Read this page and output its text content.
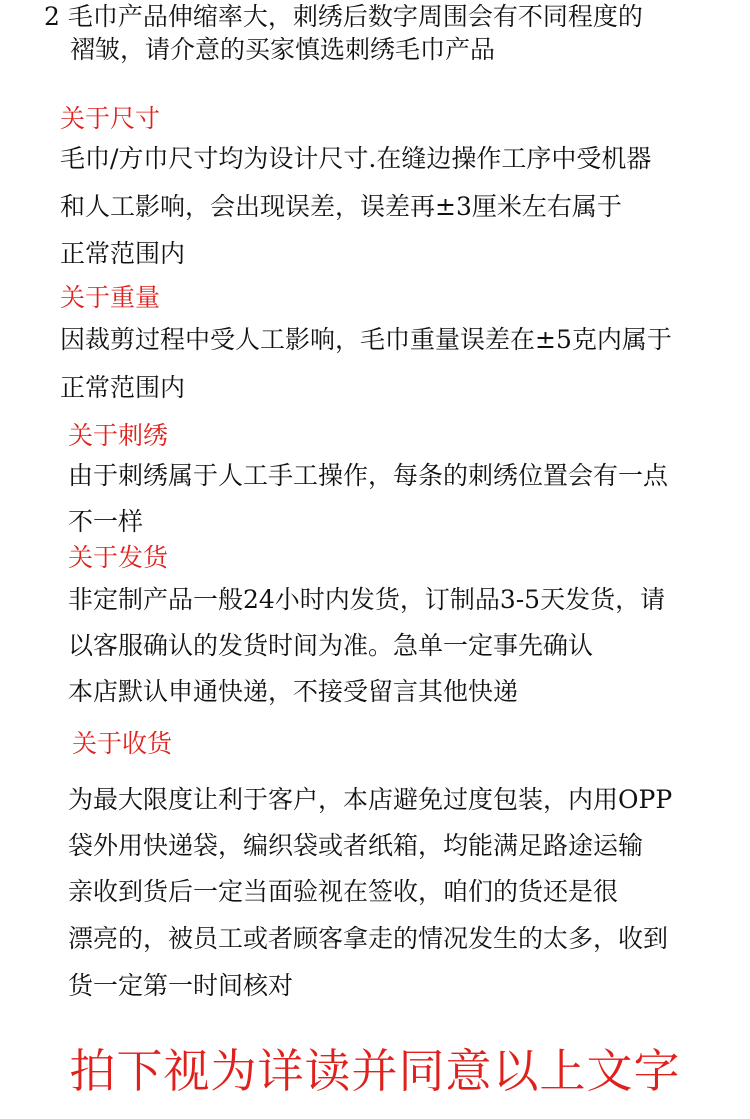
2 毛巾产品伸缩率大，刺绣后数字周围会有不同程度的
褶皱，请介意的买家慎选刺绣毛巾产品
关于尺寸
毛巾/方巾尺寸均为设计尺寸.在缝边操作工序中受机器
和人工影响，会出现误差，误差再±3厘米左右属于
正常范围内
关于重量
因裁剪过程中受人工影响，毛巾重量误差在±5克内属于
正常范围内
关于刺绣
由于刺绣属于人工手工操作，每条的刺绣位置会有一点
不一样
关于发货
非定制产品一般24小时内发货，订制品3-5天发货，请
以客服确认的发货时间为准。急单一定事先确认
本店默认申通快递，不接受留言其他快递
关于收货
为最大限度让利于客户，本店避免过度包装，内用OPP
袋外用快递袋，编织袋或者纸箱，均能满足路途运输
亲收到货后一定当面验视在签收，咱们的货还是很
漂亮的，被员工或者顾客拿走的情况发生的太多，收到
货一定第一时间核对
拍下视为详读并同意以上文字
